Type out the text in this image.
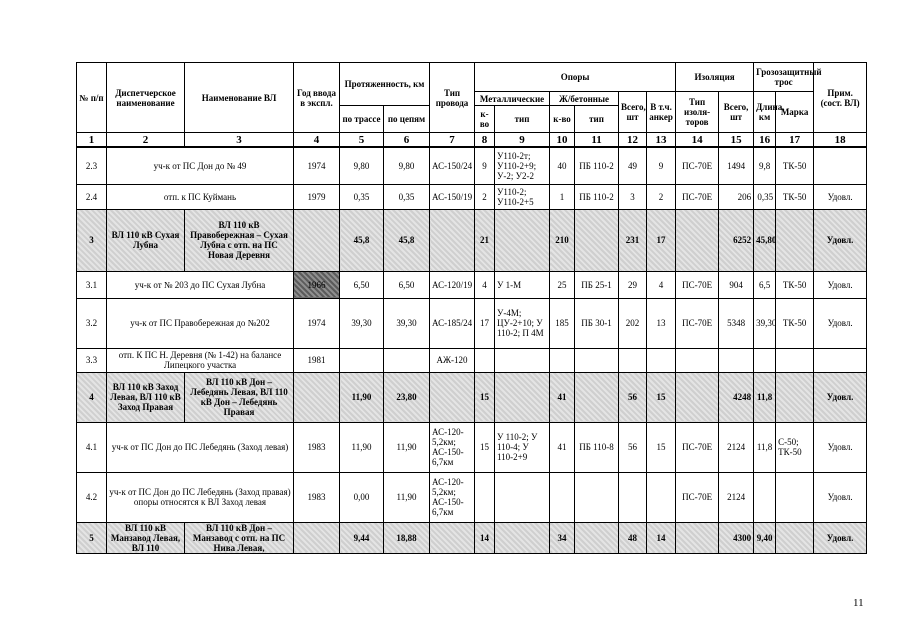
№ п/п	Диспетчерское наименование	Наименование ВЛ	Год ввода в экспл.	Протяженность, км		Тип провода	Опоры						Изоляция		Грозозащитный трос		Прим. (сост. ВЛ)
							Металлические		Ж/бетонные		Всего, шт	В т.ч. анкер	Тип изоля-торов	Всего, шт	Длина, км	Марка	
				по трассе	по цепям		к-во	тип	к-во	тип							
1	2	3	4	5	6	7	8	9	10	11	12	13	14	15	16	17	18
2.3	уч-к от ПС Дон до № 49		1974	9,80	9,80	АС-150/24	9	У110-2т; У110-2+9; У-2; У2-2	40	ПБ 110-2	49	9	ПС-70Е	1494	9,8	ТК-50	
2.4	отп. к ПС Куймань		1979	0,35	0,35	АС-150/19	2	У110-2; У110-2+5	1	ПБ 110-2	3	2	ПС-70Е	206	0,35	ТК-50	Удовл.
3	ВЛ 110 кВ Сухая Лубна	ВЛ 110 кВ Правобережная – Сухая Лубна с отп. на ПС Новая Деревня		45,8	45,8		21		210		231	17		6252	45,80		Удовл.
3.1	уч-к от № 203 до ПС Сухая Лубна		1966	6,50	6,50	АС-120/19	4	У 1-М	25	ПБ 25-1	29	4	ПС-70Е	904	6,5	ТК-50	Удовл.
3.2	уч-к от ПС Правобережная до №202		1974	39,30	39,30	АС-185/24	17	У-4М; ЦУ-2+10; У 110-2; П 4М	185	ПБ 30-1	202	13	ПС-70Е	5348	39,30	ТК-50	Удовл.
3.3	отп. К ПС Н. Деревня (№ 1-42) на балансе Липецкого участка		1981			АЖ-120											
4	ВЛ 110 кВ Заход Левая, ВЛ 110 кВ Заход Правая	ВЛ 110 кВ Дон – Лебедянь Левая, ВЛ 110 кВ Дон – Лебедянь Правая		11,90	23,80		15		41		56	15		4248	11,8		Удовл.
4.1	уч-к от ПС Дон до ПС Лебедянь (Заход левая)		1983	11,90	11,90	АС-120-5,2км; АС-150-6,7км	15	У 110-2; У 110-4; У 110-2+9	41	ПБ 110-8	56	15	ПС-70Е	2124	11,8	С-50; ТК-50	Удовл.
4.2	уч-к от ПС Дон до ПС Лебедянь (Заход правая) опоры относятся к ВЛ Заход левая		1983	0,00	11,90	АС-120-5,2км; АС-150-6,7км							ПС-70Е	2124			Удовл.
5	ВЛ 110 кВ Манзавод Левая, ВЛ 110	ВЛ 110 кВ Дон – Манзавод с отп. на ПС Нива Левая,		9,44	18,88		14		34		48	14		4300	9,40		Удовл.
11
